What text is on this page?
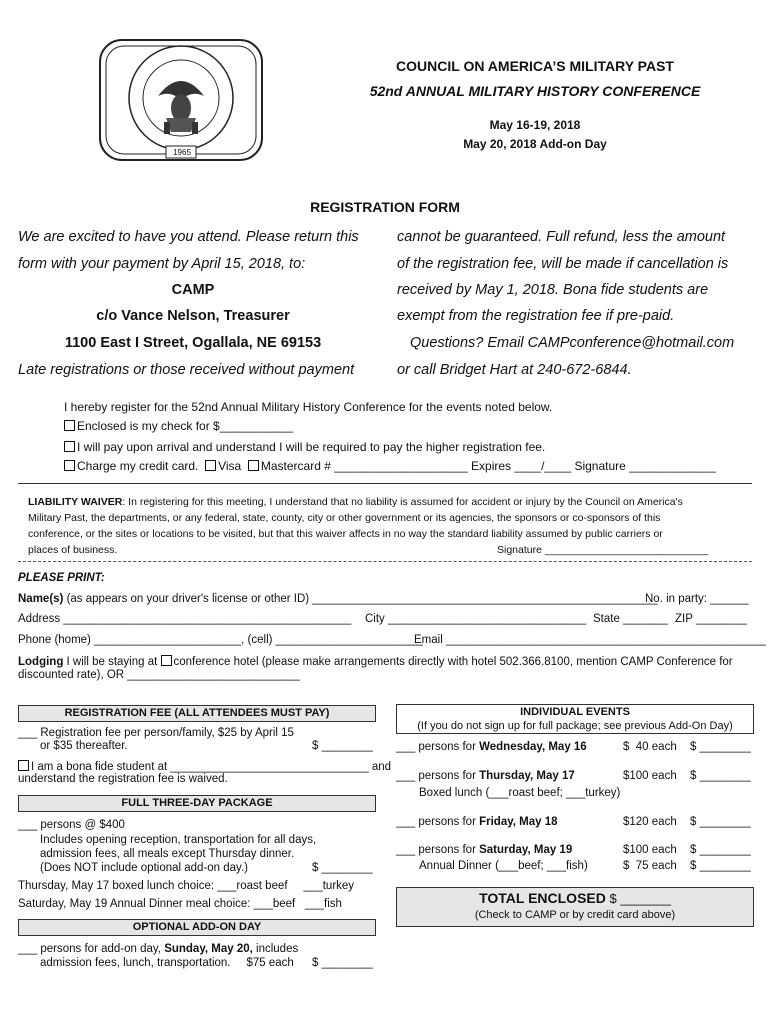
1965
COUNCIL ON AMERICA’S MILITARY PAST
52nd ANNUAL MILITARY HISTORY CONFERENCE
May 16-19, 2018
May 20, 2018 Add-on Day
REGISTRATION FORM
We are excited to have you attend. Please return this
form with your payment by April 15, 2018, to:
CAMP
c/o Vance Nelson, Treasurer
1100 East I Street, Ogallala, NE 69153
Late registrations or those received without payment
cannot be guaranteed. Full refund, less the amount
of the registration fee, will be made if cancellation is
received by May 1, 2018. Bona fide students are
exempt from the registration fee if pre-paid.
Questions? Email CAMPconference@hotmail.com
or call Bridget Hart at 240-672-6844.
I hereby register for the 52nd Annual Military History Conference for the events noted below.
Enclosed is my check for $___________
I will pay upon arrival and understand I will be required to pay the higher registration fee.
Charge my credit card. Visa Mastercard # ____________________ Expires ____/____ Signature _____________
LIABILITY WAIVER: In registering for this meeting, I understand that no liability is assumed for accident or injury by the Council on America's
Military Past, the departments, or any federal, state, county, city or other government or its agencies, the sponsors or co-sponsors of this
conference, or the sites or locations to be visited, but that this waiver affects in no way the standard liability assumed by public carriers or
places of business.	Signature ____________________________
PLEASE PRINT:
Name(s) (as appears on your driver's license or other ID) ______________________________________________________
No. in party: ______
Address _____________________________________________ City _______________________________ State _______ ZIP ________
Phone (home) _______________________, (cell) _______________________
Email __________________________________________________
Lodging I will be staying at conference hotel (please make arrangements directly with hotel 502.366.8100, mention CAMP Conference for
discounted rate), OR ___________________________
REGISTRATION FEE (ALL ATTENDEES MUST PAY)
___ Registration fee per person/family, $25 by April 15
or $35 thereafter.	$ ________
I am a bona fide student at _______________________________ and
understand the registration fee is waived.
FULL THREE-DAY PACKAGE
___ persons @ $400
Includes opening reception, transportation for all days,
admission fees, all meals except Thursday dinner.
(Does NOT include optional add-on day.)	$ ________
Thursday, May 17 boxed lunch choice: ___roast beef     ___turkey
Saturday, May 19 Annual Dinner meal choice: ___beef   ___fish
OPTIONAL ADD-ON DAY
___ persons for add-on day, Sunday, May 20, includes
admission fees, lunch, transportation.     $75 each $ ________
INDIVIDUAL EVENTS
(If you do not sign up for full package; see previous Add-On Day)
___ persons for Wednesday, May 16	$  40 each $ ________
___ persons for Thursday, May 17	$100 each $ ________
Boxed lunch (___roast beef; ___turkey)
___ persons for Friday, May 18	$120 each $ ________
___ persons for Saturday, May 19	$100 each $ ________
Annual Dinner (___beef; ___fish)	$  75 each $ ________
TOTAL ENCLOSED $ _______
(Check to CAMP or by credit card above)
